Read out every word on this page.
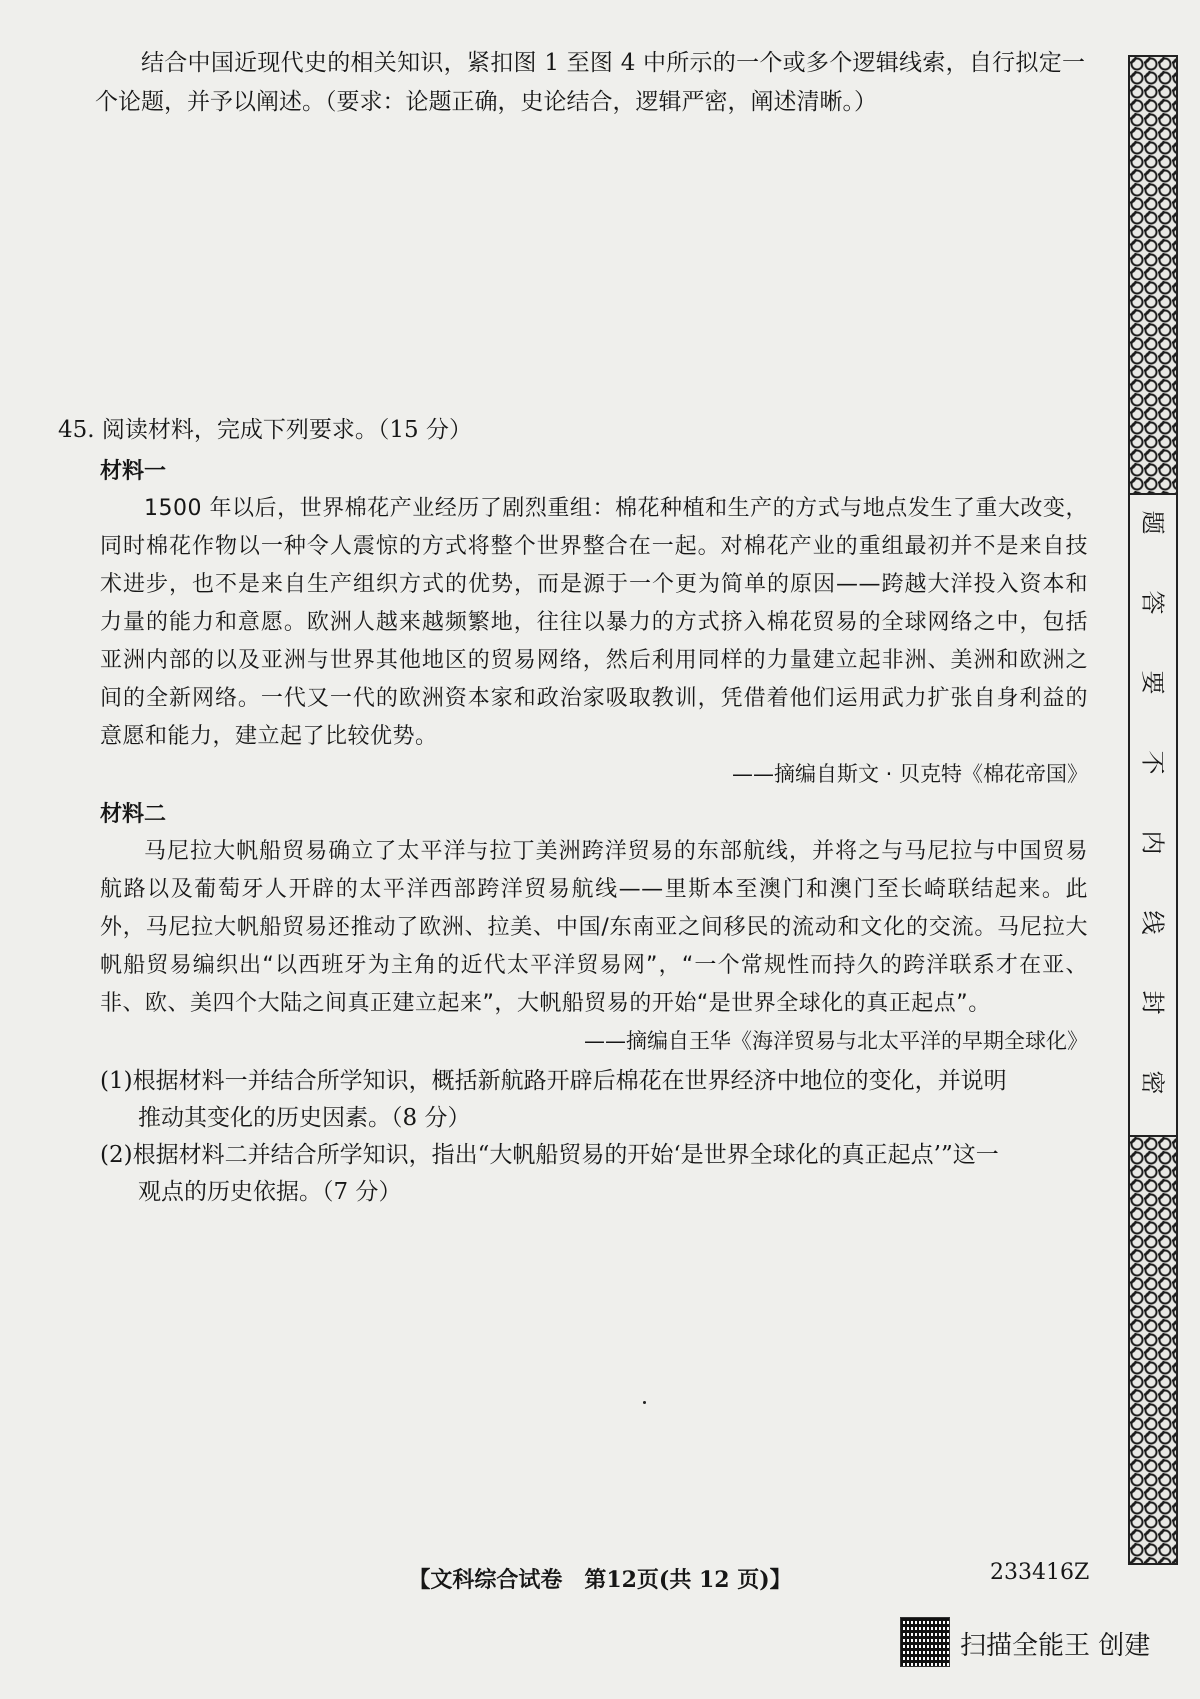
结合中国近现代史的相关知识，紧扣图 1 至图 4 中所示的一个或多个逻辑线索，自行拟定一个论题，并予以阐述。（要求：论题正确，史论结合，逻辑严密，阐述清晰。）

45. 阅读材料，完成下列要求。（15 分）

材料一

1500 年以后，世界棉花产业经历了剧烈重组：棉花种植和生产的方式与地点发生了重大改变，同时棉花作物以一种令人震惊的方式将整个世界整合在一起。对棉花产业的重组最初并不是来自技术进步，也不是来自生产组织方式的优势，而是源于一个更为简单的原因——跨越大洋投入资本和力量的能力和意愿。欧洲人越来越频繁地，往往以暴力的方式挤入棉花贸易的全球网络之中，包括亚洲内部的以及亚洲与世界其他地区的贸易网络，然后利用同样的力量建立起非洲、美洲和欧洲之间的全新网络。一代又一代的欧洲资本家和政治家吸取教训，凭借着他们运用武力扩张自身利益的意愿和能力，建立起了比较优势。

——摘编自斯文 · 贝克特《棉花帝国》

材料二

马尼拉大帆船贸易确立了太平洋与拉丁美洲跨洋贸易的东部航线，并将之与马尼拉与中国贸易航路以及葡萄牙人开辟的太平洋西部跨洋贸易航线——里斯本至澳门和澳门至长崎联结起来。此外，马尼拉大帆船贸易还推动了欧洲、拉美、中国/东南亚之间移民的流动和文化的交流。马尼拉大帆船贸易编织出“以西班牙为主角的近代太平洋贸易网”，“一个常规性而持久的跨洋联系才在亚、非、欧、美四个大陆之间真正建立起来”，大帆船贸易的开始“是世界全球化的真正起点”。

——摘编自王华《海洋贸易与北太平洋的早期全球化》

(1)根据材料一并结合所学知识，概括新航路开辟后棉花在世界经济中地位的变化，并说明

推动其变化的历史因素。（8 分）

(2)根据材料二并结合所学知识，指出“大帆船贸易的开始‘是世界全球化的真正起点’”这一

观点的历史依据。（7 分）

题
答
要
不
内
线
封
密
【文科综合试卷　第12页(共 12 页)】	233416Z
扫描全能王 创建
